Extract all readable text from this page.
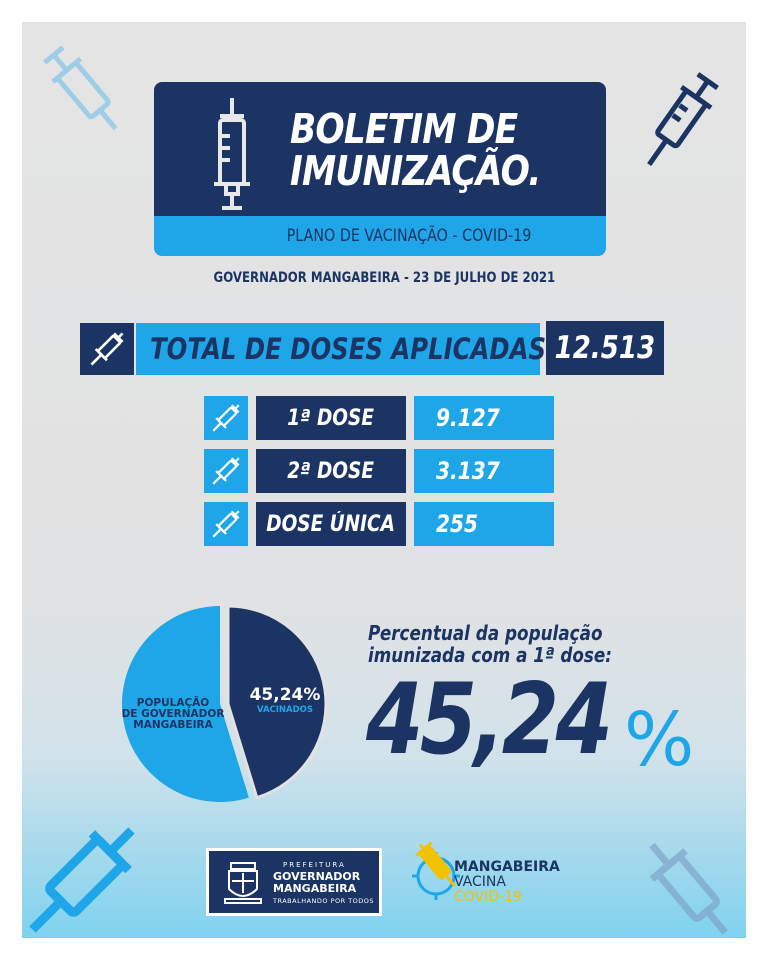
BOLETIM DE
IMUNIZAÇÃO.
PLANO DE VACINAÇÃO - COVID-19
GOVERNADOR MANGABEIRA - 23 DE JULHO DE 2021
TOTAL DE DOSES APLICADAS 12.513
1ª DOSE	9.127
2ª DOSE	3.137
DOSE ÚNICA 255
POPULAÇÃO
DE GOVERNADOR
MANGABEIRA
45,24%
VACINADOS
Percentual da população
imunizada com a 1ª dose:
45,24 %
PREFEITURA
GOVERNADOR
MANGABEIRA
TRABALHANDO POR TODOS
MANGABEIRA
VACINA
COVID-19
